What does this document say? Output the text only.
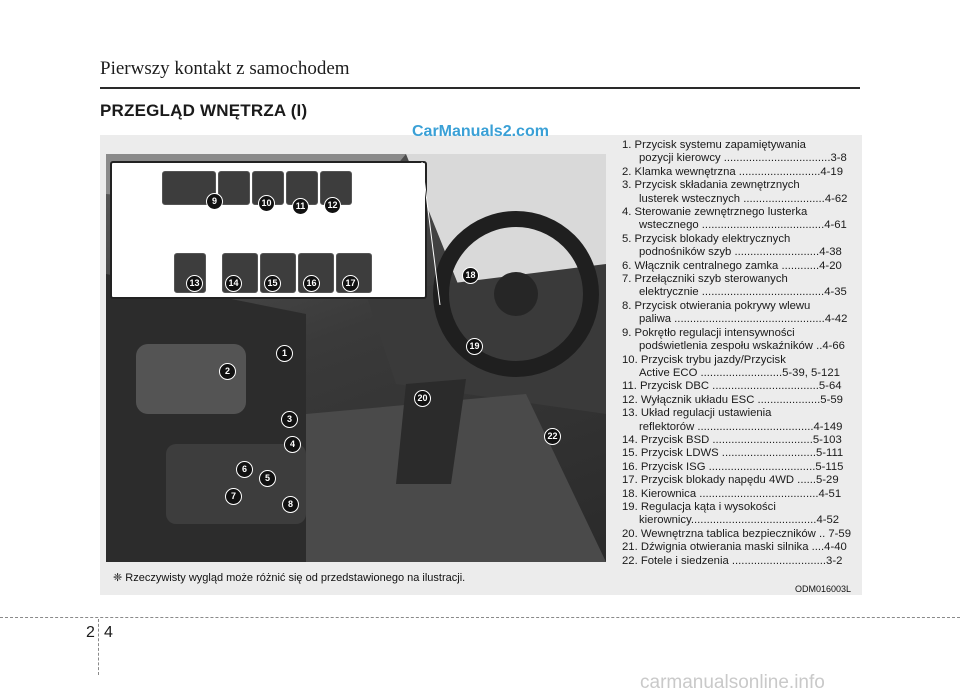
Pierwszy kontakt z samochodem
PRZEGLĄD WNĘTRZA (I)
9	10	11	12
13	14	15	16	17
18
19
20
22
1
2
3
4
5
6
7
8
CarManuals2.com
1. Przycisk systemu zapamiętywania
pozycji kierowcy ..................................3-8
2. Klamka wewnętrzna ..........................4-19
3. Przycisk składania zewnętrznych
lusterek wstecznych ..........................4-62
4. Sterowanie zewnętrznego lusterka
wstecznego .......................................4-61
5. Przycisk blokady elektrycznych
podnośników szyb ...........................4-38
6. Włącznik centralnego zamka ............4-20
7. Przełączniki szyb sterowanych
elektrycznie .......................................4-35
8. Przycisk otwierania pokrywy wlewu
paliwa ................................................4-42
9. Pokrętło regulacji intensywności
podświetlenia zespołu wskaźników ..4-66
10. Przycisk trybu jazdy/Przycisk
Active ECO ..........................5-39, 5-121
11. Przycisk DBC ..................................5-64
12. Wyłącznik układu ESC ....................5-59
13. Układ regulacji ustawienia
reflektorów .....................................4-149
14. Przycisk BSD ................................5-103
15. Przycisk LDWS ..............................5-111
16. Przycisk ISG ..................................5-115
17. Przycisk blokady napędu 4WD ......5-29
18. Kierownica ......................................4-51
19. Regulacja kąta i wysokości
kierownicy........................................4-52
20. Wewnętrzna tablica bezpieczników .. 7-59
21. Dźwignia otwierania maski silnika ....4-40
22. Fotele i siedzenia ..............................3-2
❈ Rzeczywisty wygląd może różnić się od przedstawionego na ilustracji.
ODM016003L
2 4
carmanualsonline.info
